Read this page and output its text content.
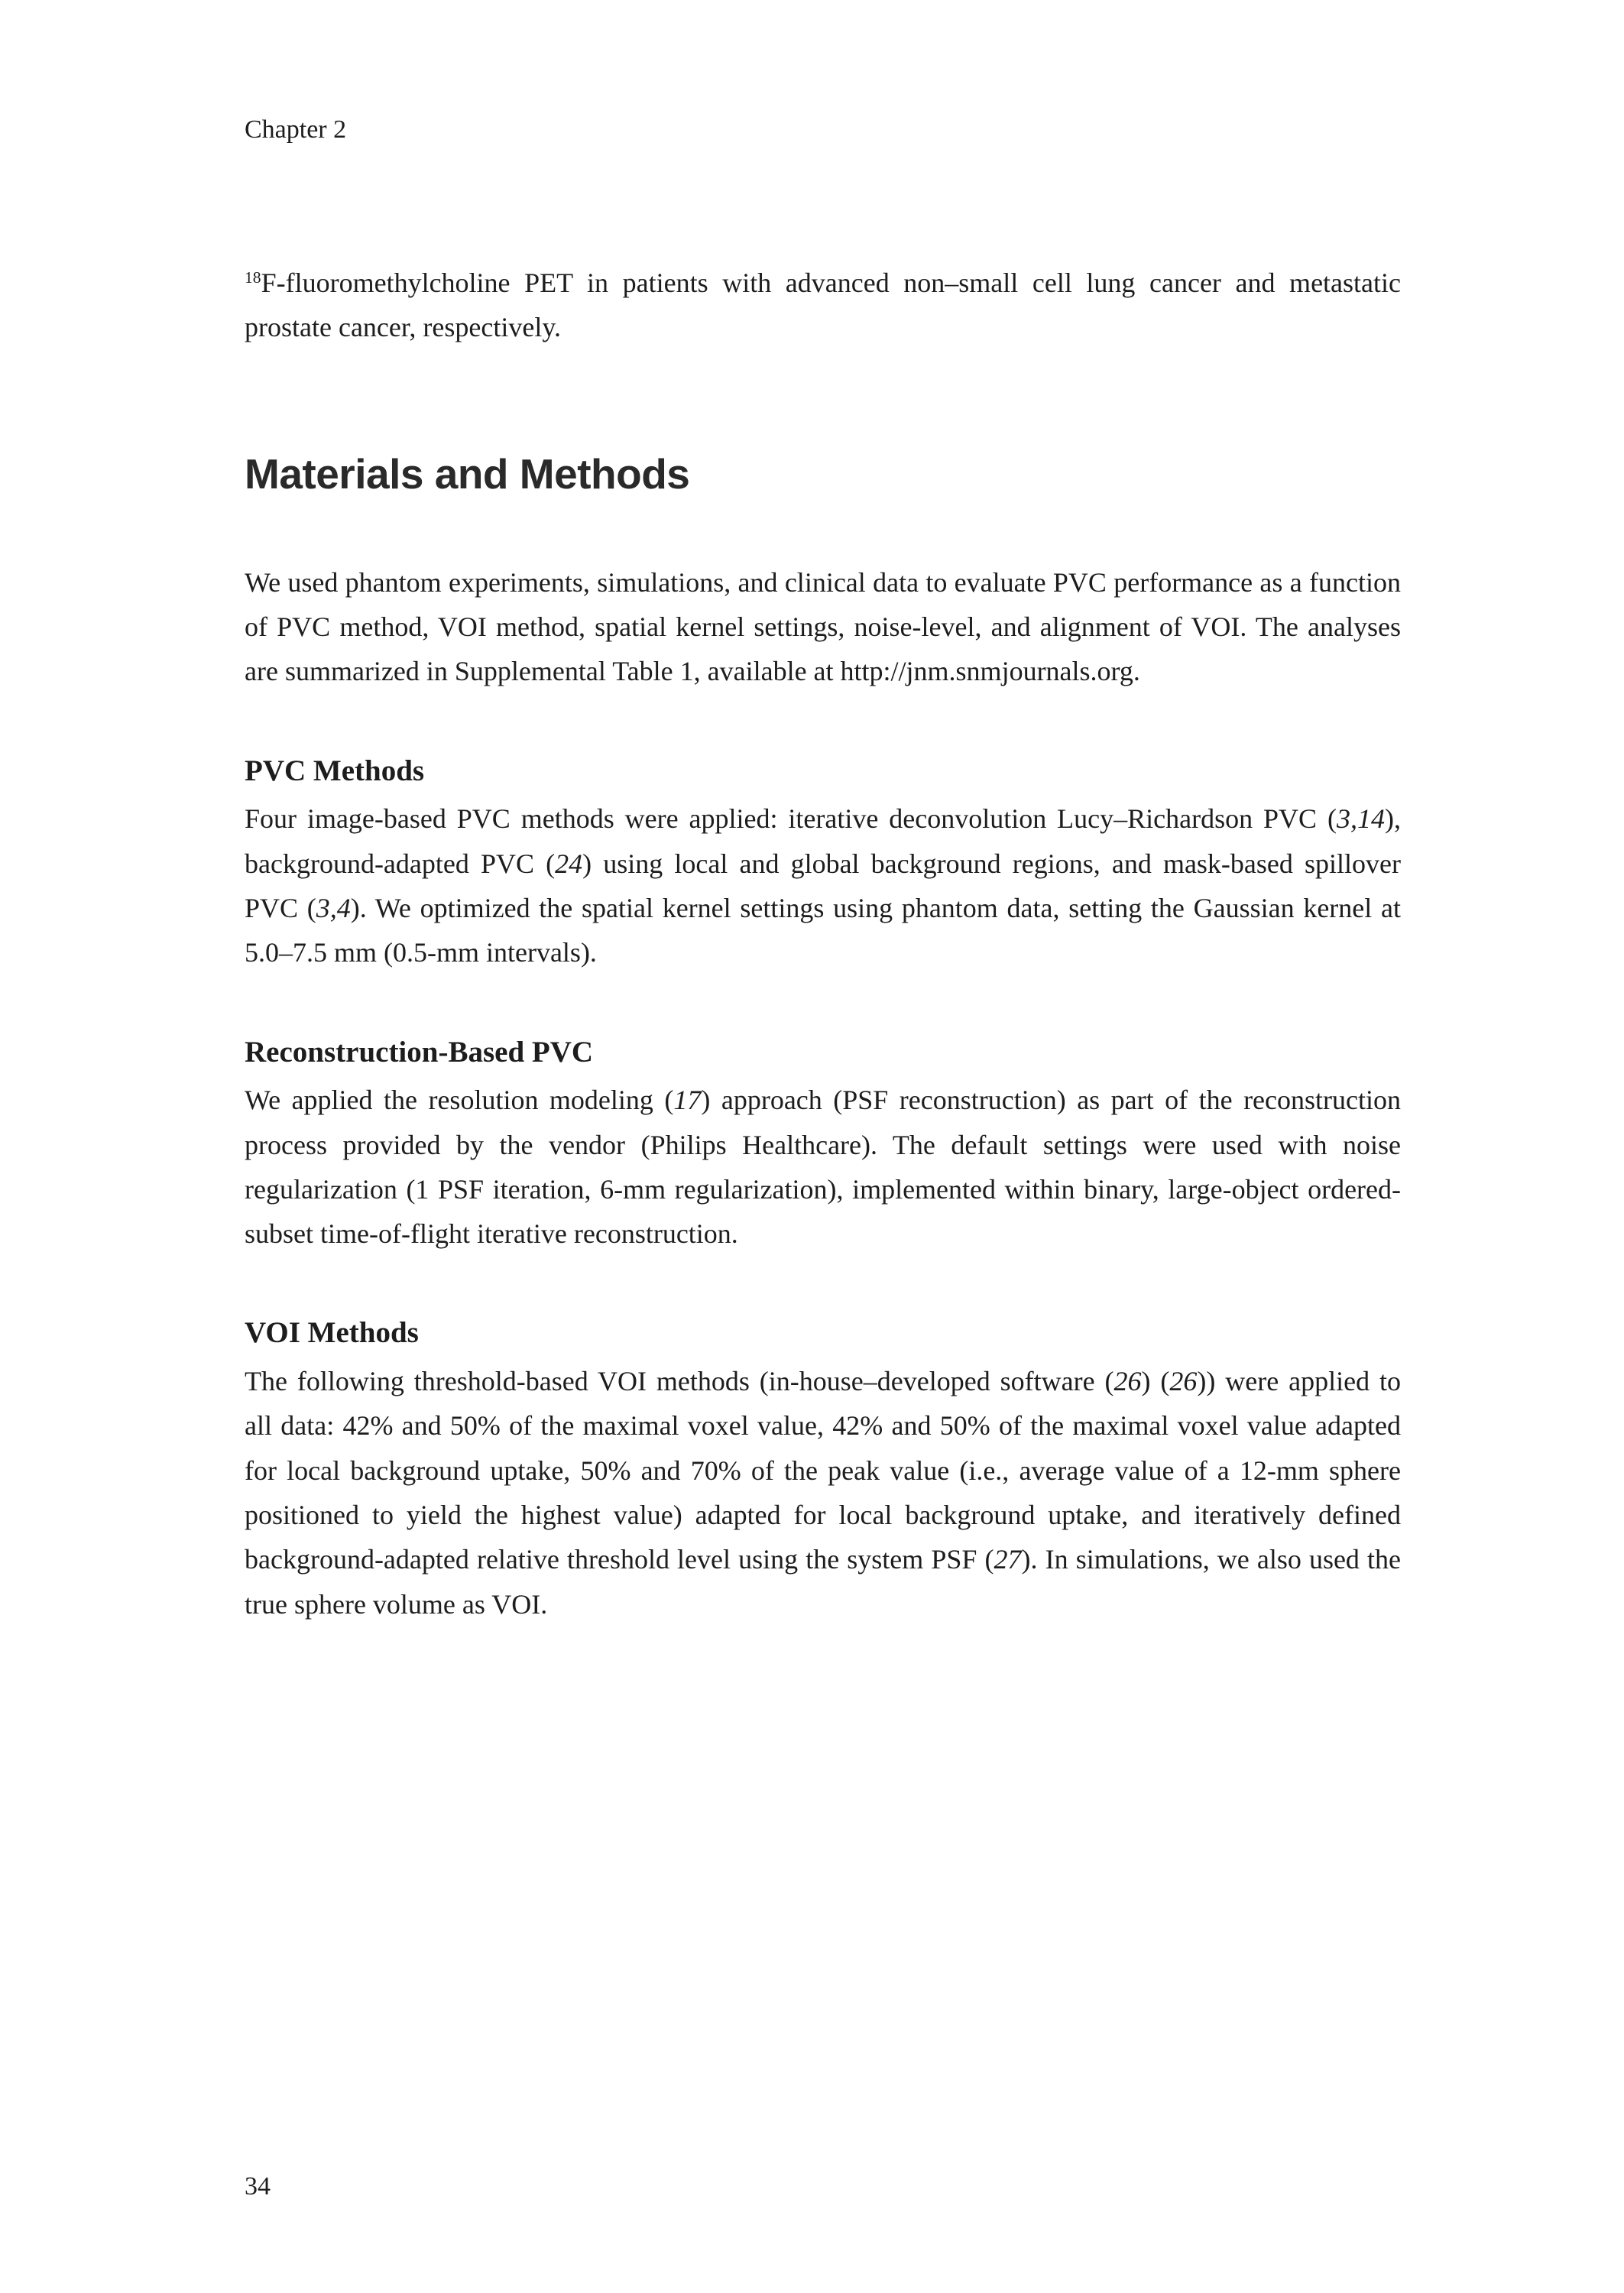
Chapter 2

$^{18}$F-fluoromethylcholine PET in patients with advanced non–small cell lung cancer and metastatic prostate cancer, respectively.

Materials and Methods

We used phantom experiments, simulations, and clinical data to evaluate PVC performance as a function of PVC method, VOI method, spatial kernel settings, noise-level, and alignment of VOI. The analyses are summarized in Supplemental Table 1, available at http://jnm.snmjournals.org.

PVC Methods

Four image-based PVC methods were applied: iterative deconvolution Lucy–Richardson PVC (3,14), background-adapted PVC (24) using local and global background regions, and mask-based spillover PVC (3,4). We optimized the spatial kernel settings using phantom data, setting the Gaussian kernel at 5.0–7.5 mm (0.5-mm intervals).

Reconstruction-Based PVC

We applied the resolution modeling (17) approach (PSF reconstruction) as part of the reconstruction process provided by the vendor (Philips Healthcare). The default settings were used with noise regularization (1 PSF iteration, 6-mm regularization), implemented within binary, large-object ordered-subset time-of-flight iterative reconstruction.

VOI Methods

The following threshold-based VOI methods (in-house–developed software (26) (26)) were applied to all data: 42% and 50% of the maximal voxel value, 42% and 50% of the maximal voxel value adapted for local background uptake, 50% and 70% of the peak value (i.e., average value of a 12-mm sphere positioned to yield the highest value) adapted for local background uptake, and iteratively defined background-adapted relative threshold level using the system PSF (27). In simulations, we also used the true sphere volume as VOI.

34
